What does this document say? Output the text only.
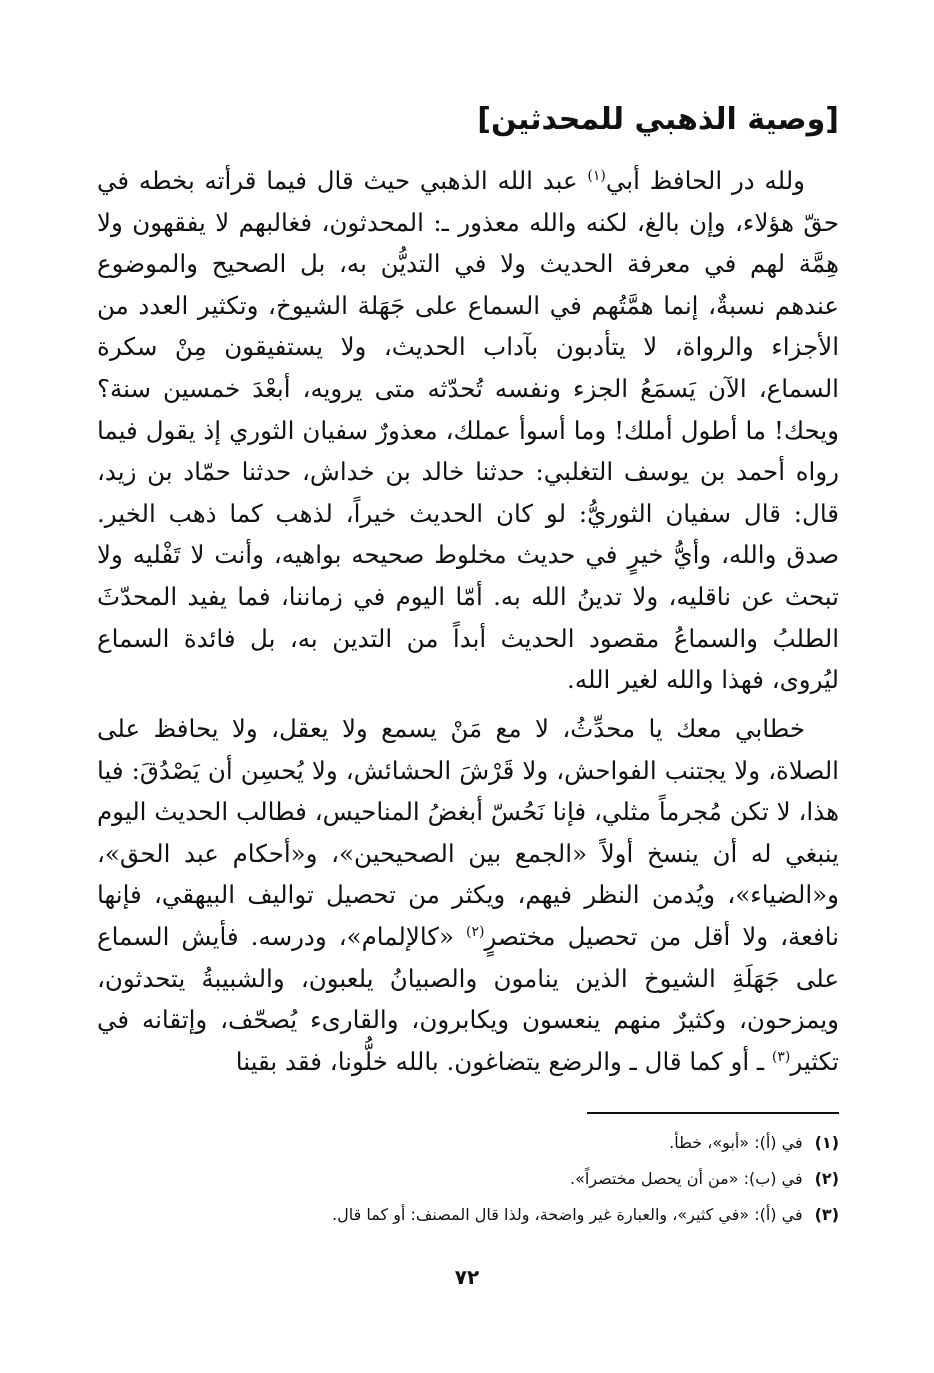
[وصية الذهبي للمحدثين]

ولله در الحافظ أبي$^{(١)}$ عبد الله الذهبي حيث قال فيما قرأته بخطه في حقّ هؤلاء، وإن بالغ، لكنه والله معذور ـ: المحدثون، فغالبهم لا يفقهون ولا هِمَّة لهم في معرفة الحديث ولا في التديُّن به، بل الصحيح والموضوع عندهم نسبةٌ، إنما همَّتُهم في السماع على جَهَلة الشيوخ، وتكثير العدد من الأجزاء والرواة، لا يتأدبون بآداب الحديث، ولا يستفيقون مِنْ سكرة السماع، الآن يَسمَعُ الجزء ونفسه تُحدّثه متى يرويه، أبعْدَ خمسين سنة؟ ويحك! ما أطول أملك! وما أسوأ عملك، معذورٌ سفيان الثوري إذ يقول فيما رواه أحمد بن يوسف التغلبي: حدثنا خالد بن خداش، حدثنا حمّاد بن زيد، قال: قال سفيان الثوريُّ: لو كان الحديث خيراً، لذهب كما ذهب الخير. صدق والله، وأيُّ خيرٍ في حديث مخلوط صحيحه بواهيه، وأنت لا تَفْليه ولا تبحث عن ناقليه، ولا تدينُ الله به. أمّا اليوم في زماننا، فما يفيد المحدّثَ الطلبُ والسماعُ مقصود الحديث أبداً من التدين به، بل فائدة السماع ليُروى، فهذا والله لغير الله.

خطابي معك يا محدِّثُ، لا مع مَنْ يسمع ولا يعقل، ولا يحافظ على الصلاة، ولا يجتنب الفواحش، ولا قَرْشَ الحشائش، ولا يُحسِن أن يَصْدُقَ: فيا هذا، لا تكن مُجرماً مثلي، فإنا نَحُسّ أبغضُ المناحيس، فطالب الحديث اليوم ينبغي له أن ينسخ أولاً «الجمع بين الصحيحين»، و«أحكام عبد الحق»، و«الضياء»، ويُدمن النظر فيهم، ويكثر من تحصيل تواليف البيهقي، فإنها نافعة، ولا أقل من تحصيل مختصرٍ$^{(٢)}$ «كالإلمام»، ودرسه. فأيش السماع على جَهَلَةِ الشيوخ الذين ينامون والصبيانُ يلعبون، والشبيبةُ يتحدثون، ويمزحون، وكثيرٌ منهم ينعسون ويكابرون، والقارىء يُصحّف، وإتقانه في تكثير$^{(٣)}$ ـ أو كما قال ـ والرضع يتضاغون. بالله خلُّونا، فقد بقينا

(١)في (أ): «أبو»، خطأ.
(٢)في (ب): «من أن يحصل مختصراً».
(٣)في (أ): «في كثير»، والعبارة غير واضحة، ولذا قال المصنف: أو كما قال.
٧٢
